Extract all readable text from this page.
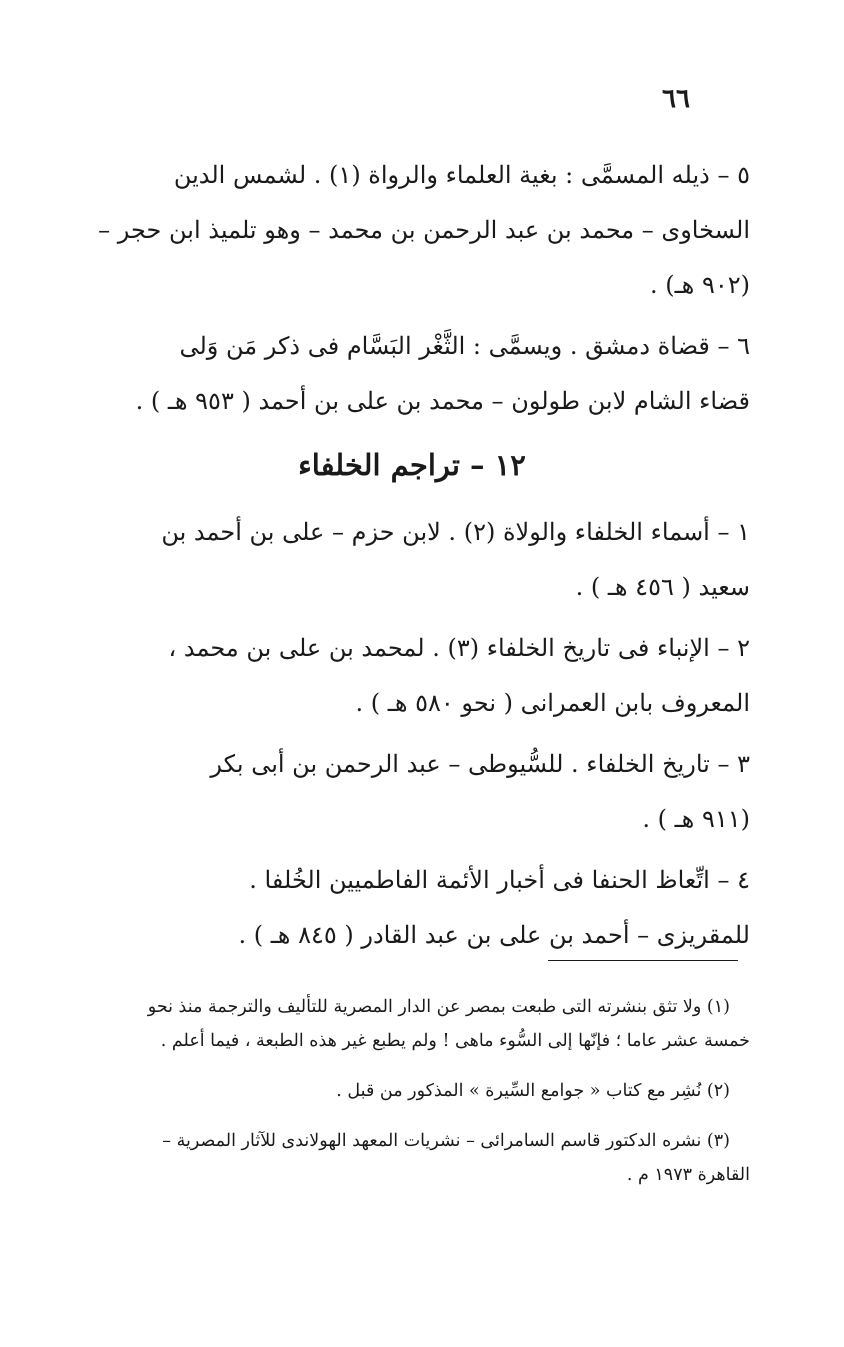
٦٦

٥ – ذيله المسمَّى : بغية العلماء والرواة (١) . لشمس الدين
السخاوى – محمد بن عبد الرحمن بن محمد – وهو تلميذ ابن حجر –
(٩٠٢ هـ) .

٦ – قضاة دمشق . ويسمَّى : الثَّغْر البَسَّام فى ذكر مَن وَلى
قضاء الشام لابن طولون – محمد بن على بن أحمد ( ٩٥٣ هـ ) .

١٢ – تراجم الخلفاء

١ – أسماء الخلفاء والولاة (٢) . لابن حزم – على بن أحمد بن
سعيد ( ٤٥٦ هـ ) .

٢ – الإنباء فى تاريخ الخلفاء (٣) . لمحمد بن على بن محمد ،
المعروف بابن العمرانى ( نحو ٥٨٠ هـ ) .

٣ – تاريخ الخلفاء . للسُّيوطى – عبد الرحمن بن أبى بكر
(٩١١ هـ ) .

٤ – اتِّعاظ الحنفا فى أخبار الأئمة الفاطميين الخُلفا .
للمقريزى – أحمد بن على بن عبد القادر ( ٨٤٥ هـ ) .

(١) ولا تثق بنشرته التى طبعت بمصر عن الدار المصرية للتأليف والترجمة منذ نحو
خمسة عشر عاما ؛ فإنّها إلى السُّوء ماهى ! ولم يطبع غير هذه الطبعة ، فيما أعلم .

(٢) نُشِر مع كتاب « جوامع السِّيرة » المذكور من قبل .

(٣) نشره الدكتور قاسم السامرائى – نشريات المعهد الهولاندى للآثار المصرية –
القاهرة ١٩٧٣ م .
